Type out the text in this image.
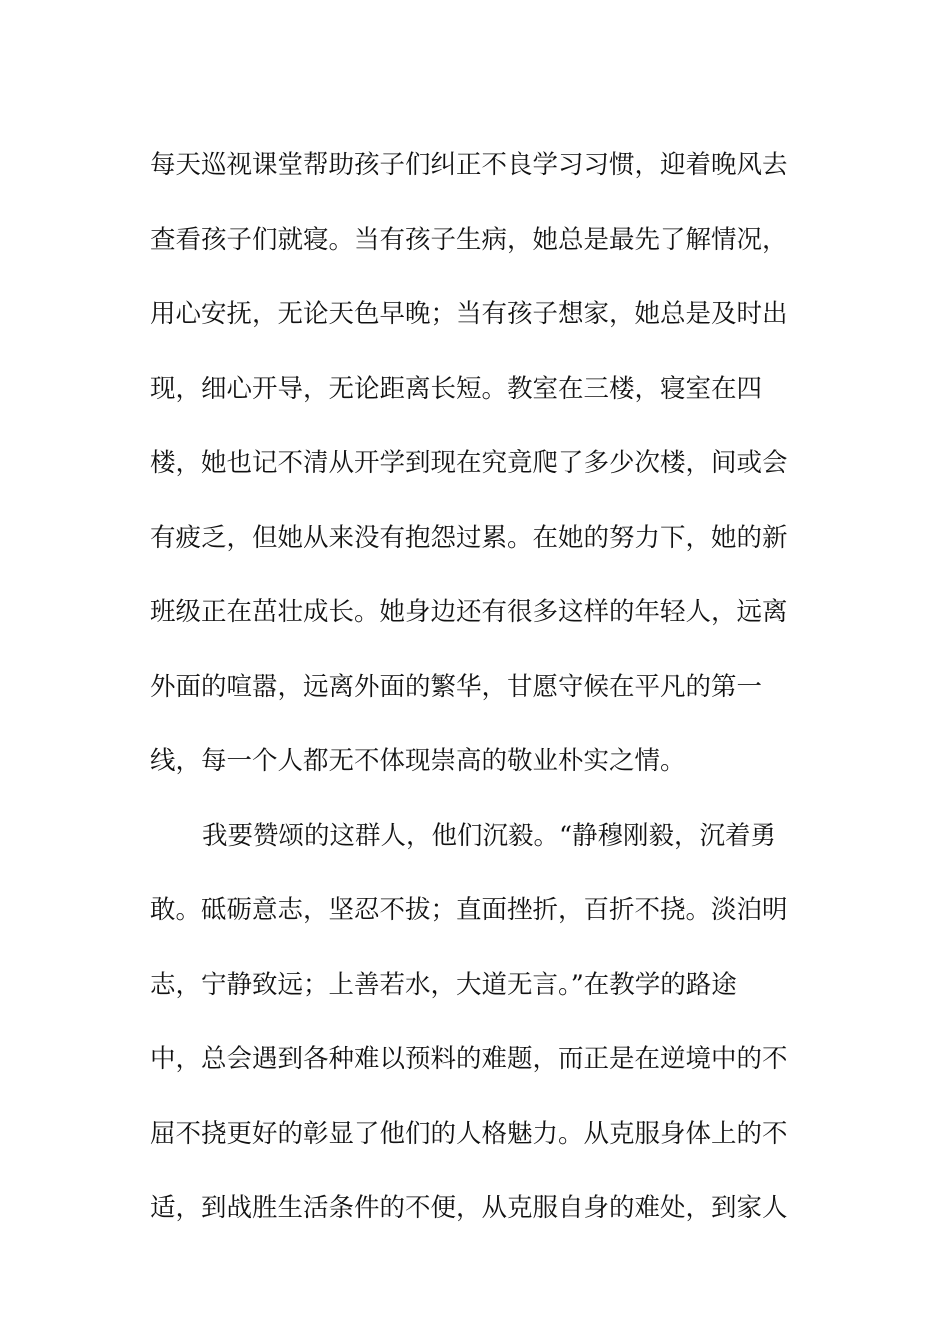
每天巡视课堂帮助孩子们纠正不良学习习惯，迎着晚风去
查看孩子们就寝。当有孩子生病，她总是最先了解情况，
用心安抚，无论天色早晚；当有孩子想家，她总是及时出
现，细心开导，无论距离长短。教室在三楼，寝室在四
楼，她也记不清从开学到现在究竟爬了多少次楼，间或会
有疲乏，但她从来没有抱怨过累。在她的努力下，她的新
班级正在茁壮成长。她身边还有很多这样的年轻人，远离
外面的喧嚣，远离外面的繁华，甘愿守候在平凡的第一
线，每一个人都无不体现崇高的敬业朴实之情。
我要赞颂的这群人，他们沉毅。“静穆刚毅，沉着勇
敢。砥砺意志，坚忍不拔；直面挫折，百折不挠。淡泊明
志，宁静致远；上善若水，大道无言。”在教学的路途
中，总会遇到各种难以预料的难题，而正是在逆境中的不
屈不挠更好的彰显了他们的人格魅力。从克服身体上的不
适，到战胜生活条件的不便，从克服自身的难处，到家人
